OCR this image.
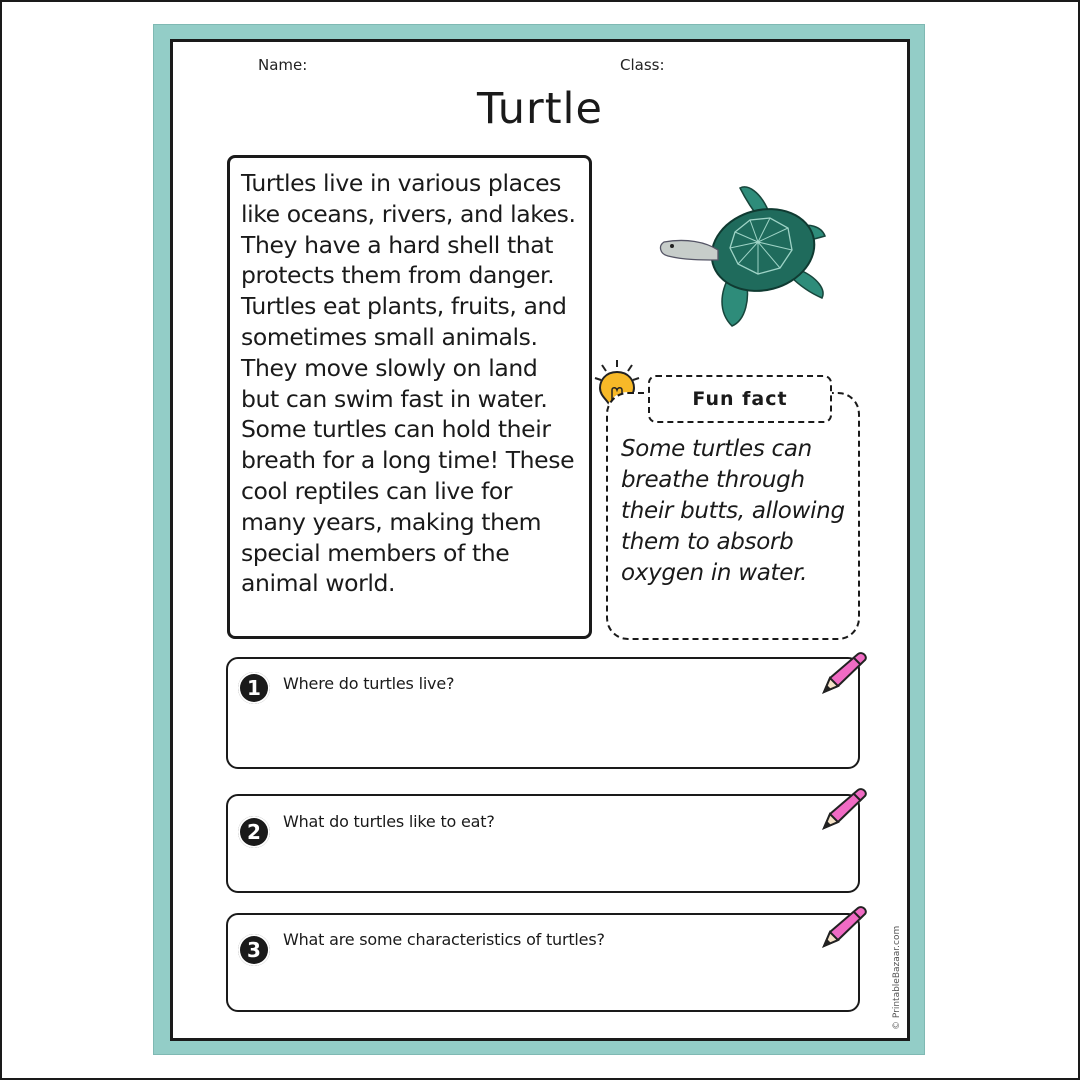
Name:	Class:
Turtle
Turtles live in various places like oceans, rivers, and lakes. They have a hard shell that protects them from danger. Turtles eat plants, fruits, and sometimes small animals. They move slowly on land but can swim fast in water. Some turtles can hold their breath for a long time! These cool reptiles can live for many years, making them special members of the animal world.
Fun fact
Some turtles can breathe through their butts, allowing them to absorb oxygen in water.
1	Where do turtles live?
2	What do turtles like to eat?
3	What are some characteristics of turtles?	© PrintableBazaar.com
